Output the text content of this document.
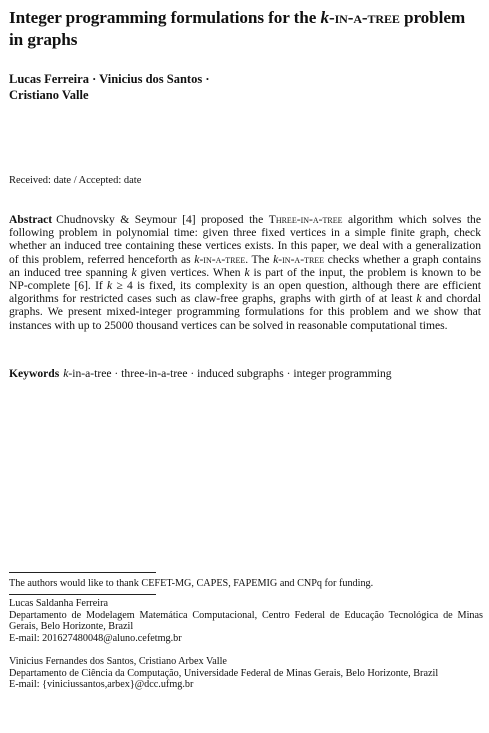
Integer programming formulations for the k-in-a-tree problem in graphs
Lucas Ferreira · Vinicius dos Santos ·
Cristiano Valle
Received: date / Accepted: date
Abstract Chudnovsky & Seymour [4] proposed the Three-in-a-tree algorithm which solves the following problem in polynomial time: given three fixed vertices in a simple finite graph, check whether an induced tree containing these vertices exists. In this paper, we deal with a generalization of this problem, referred henceforth as k-in-a-tree. The k-in-a-tree checks whether a graph contains an induced tree spanning k given vertices. When k is part of the input, the problem is known to be NP-complete [6]. If k ≥ 4 is fixed, its complexity is an open question, although there are efficient algorithms for restricted cases such as claw-free graphs, graphs with girth of at least k and chordal graphs. We present mixed-integer programming formulations for this problem and we show that instances with up to 25000 thousand vertices can be solved in reasonable computational times.
Keywords k-in-a-tree · three-in-a-tree · induced subgraphs · integer programming
The authors would like to thank CEFET-MG, CAPES, FAPEMIG and CNPq for funding.
Lucas Saldanha Ferreira
Departamento de Modelagem Matemática Computacional, Centro Federal de Educação Tecnológica de Minas Gerais, Belo Horizonte, Brazil
E-mail: 201627480048@aluno.cefetmg.br
Vinicius Fernandes dos Santos, Cristiano Arbex Valle
Departamento de Ciência da Computação, Universidade Federal de Minas Gerais, Belo Horizonte, Brazil
E-mail: {viniciussantos,arbex}@dcc.ufmg.br
